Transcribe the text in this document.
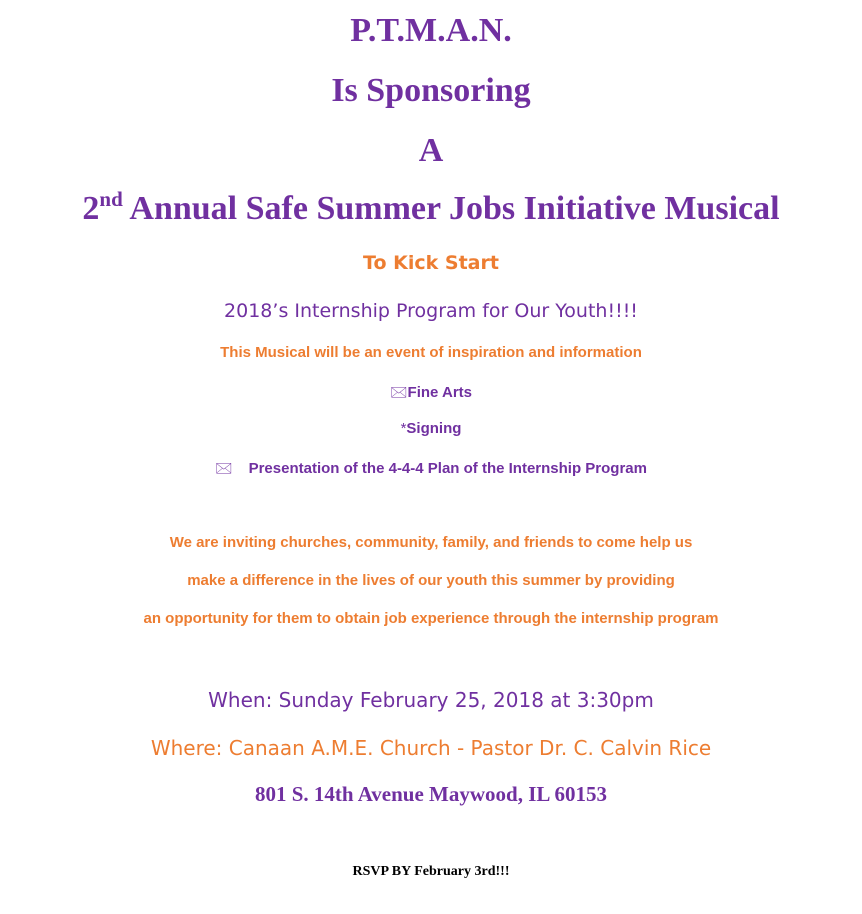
P.T.M.A.N.
Is Sponsoring
A
2nd Annual Safe Summer Jobs Initiative Musical
To Kick Start
2018’s Internship Program for Our Youth!!!!
This Musical will be an event of inspiration and information
🖂Fine Arts
*Signing
🖂 Presentation of the 4-4-4 Plan of the Internship Program
We are inviting churches, community, family, and friends to come help us
make a difference in the lives of our youth this summer by providing
an opportunity for them to obtain job experience through the internship program
When: Sunday February 25, 2018 at 3:30pm
Where: Canaan A.M.E. Church - Pastor Dr. C. Calvin Rice
801 S. 14th Avenue Maywood, IL 60153
RSVP BY February 3rd!!!
